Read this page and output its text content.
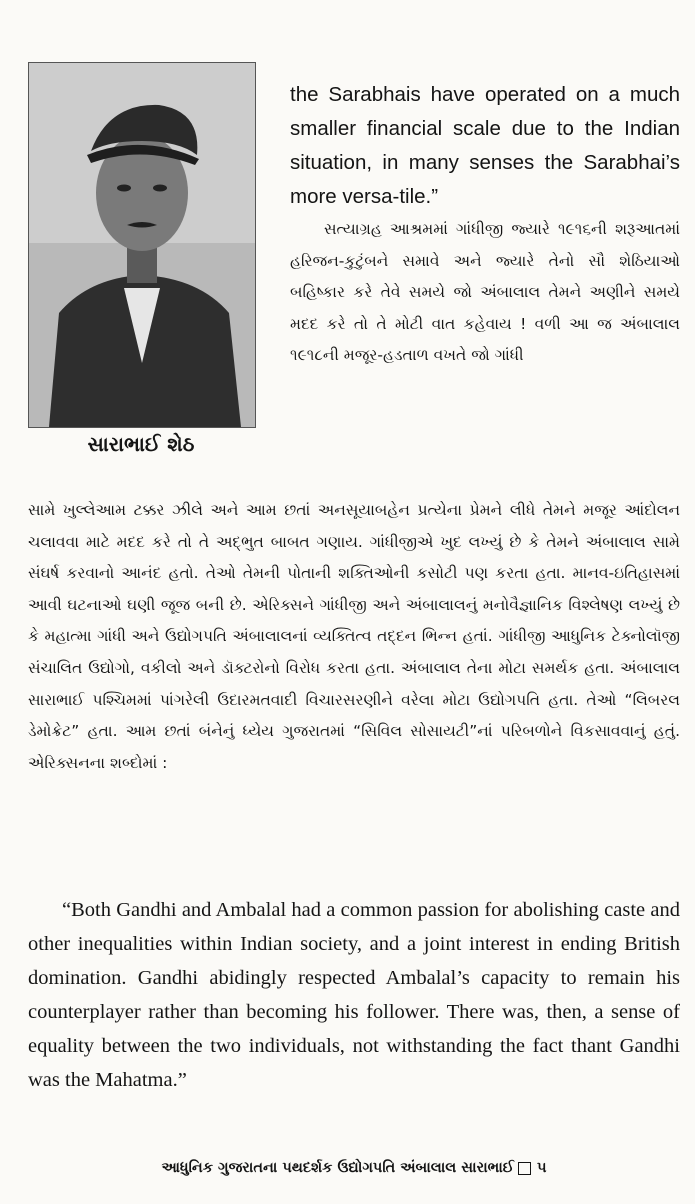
સારાભાઈ શેઠ

the Sarabhais have operated on a much smaller financial scale due to the Indian situation, in many senses the Sarabhai’s more versa-tile.”

સત્યાગ્રહ આશ્રમમાં ગાંધીજી જ્યારે ૧૯૧૬ની શરૂઆતમાં હરિજન-કુટુંબને સમાવે અને જ્યારે તેનો સૌ શેઠિયાઓ બહિષ્કાર કરે તેવે સમયે જો અંબાલાલ તેમને અણીને સમયે મદદ કરે તો તે મોટી વાત કહેવાય ! વળી આ જ અંબાલાલ ૧૯૧૮ની મજૂર-હડતાળ વખતે જો ગાંધી

સામે ખુલ્લેઆમ ટક્કર ઝીલે અને આમ છતાં અનસૂયાબહેન પ્રત્યેના પ્રેમને લીધે તેમને મજૂર આંદોલન ચલાવવા માટે મદદ કરે તો તે અદ્ભુત બાબત ગણાય. ગાંધીજીએ ખુદ લખ્યું છે કે તેમને અંબાલાલ સામે સંઘર્ષ કરવાનો આનંદ હતો. તેઓ તેમની પોતાની શક્તિઓની કસોટી પણ કરતા હતા. માનવ-ઇતિહાસમાં આવી ઘટનાઓ ઘણી જૂજ બની છે. એરિક્સને ગાંધીજી અને અંબાલાલનું મનોવૈજ્ઞાનિક વિશ્લેષણ લખ્યું છે કે મહાત્મા ગાંધી અને ઉદ્યોગપતિ અંબાલાલનાં વ્યક્તિત્વ તદ્દન ભિન્ન હતાં. ગાંધીજી આધુનિક ટેક્નોલૉજી સંચાલિત ઉદ્યોગો, વકીલો અને ડૉક્ટરોનો વિરોધ કરતા હતા. અંબાલાલ તેના મોટા સમર્થક હતા. અંબાલાલ સારાભાઈ પશ્ચિમમાં પાંગરેલી ઉદારમતવાદી વિચારસરણીને વરેલા મોટા ઉદ્યોગપતિ હતા. તેઓ “લિબરલ ડેમોક્રેટ” હતા. આમ છતાં બંનેનું ધ્યેય ગુજરાતમાં “સિવિલ સોસાયટી”નાં પરિબળોને વિકસાવવાનું હતું. એરિક્સનના શબ્દોમાં :

“Both Gandhi and Ambalal had a common passion for abolishing caste and other inequalities within Indian society, and a joint interest in ending British domination. Gandhi abidingly respected Ambalal’s capacity to remain his counterplayer rather than becoming his follower. There was, then, a sense of equality between the two individuals, not withstanding the fact thant Gandhi was the Mahatma.”

આધુનિક ગુજરાતના પથદર્શક ઉદ્યોગપતિ અંબાલાલ સારાભાઈ ૫
